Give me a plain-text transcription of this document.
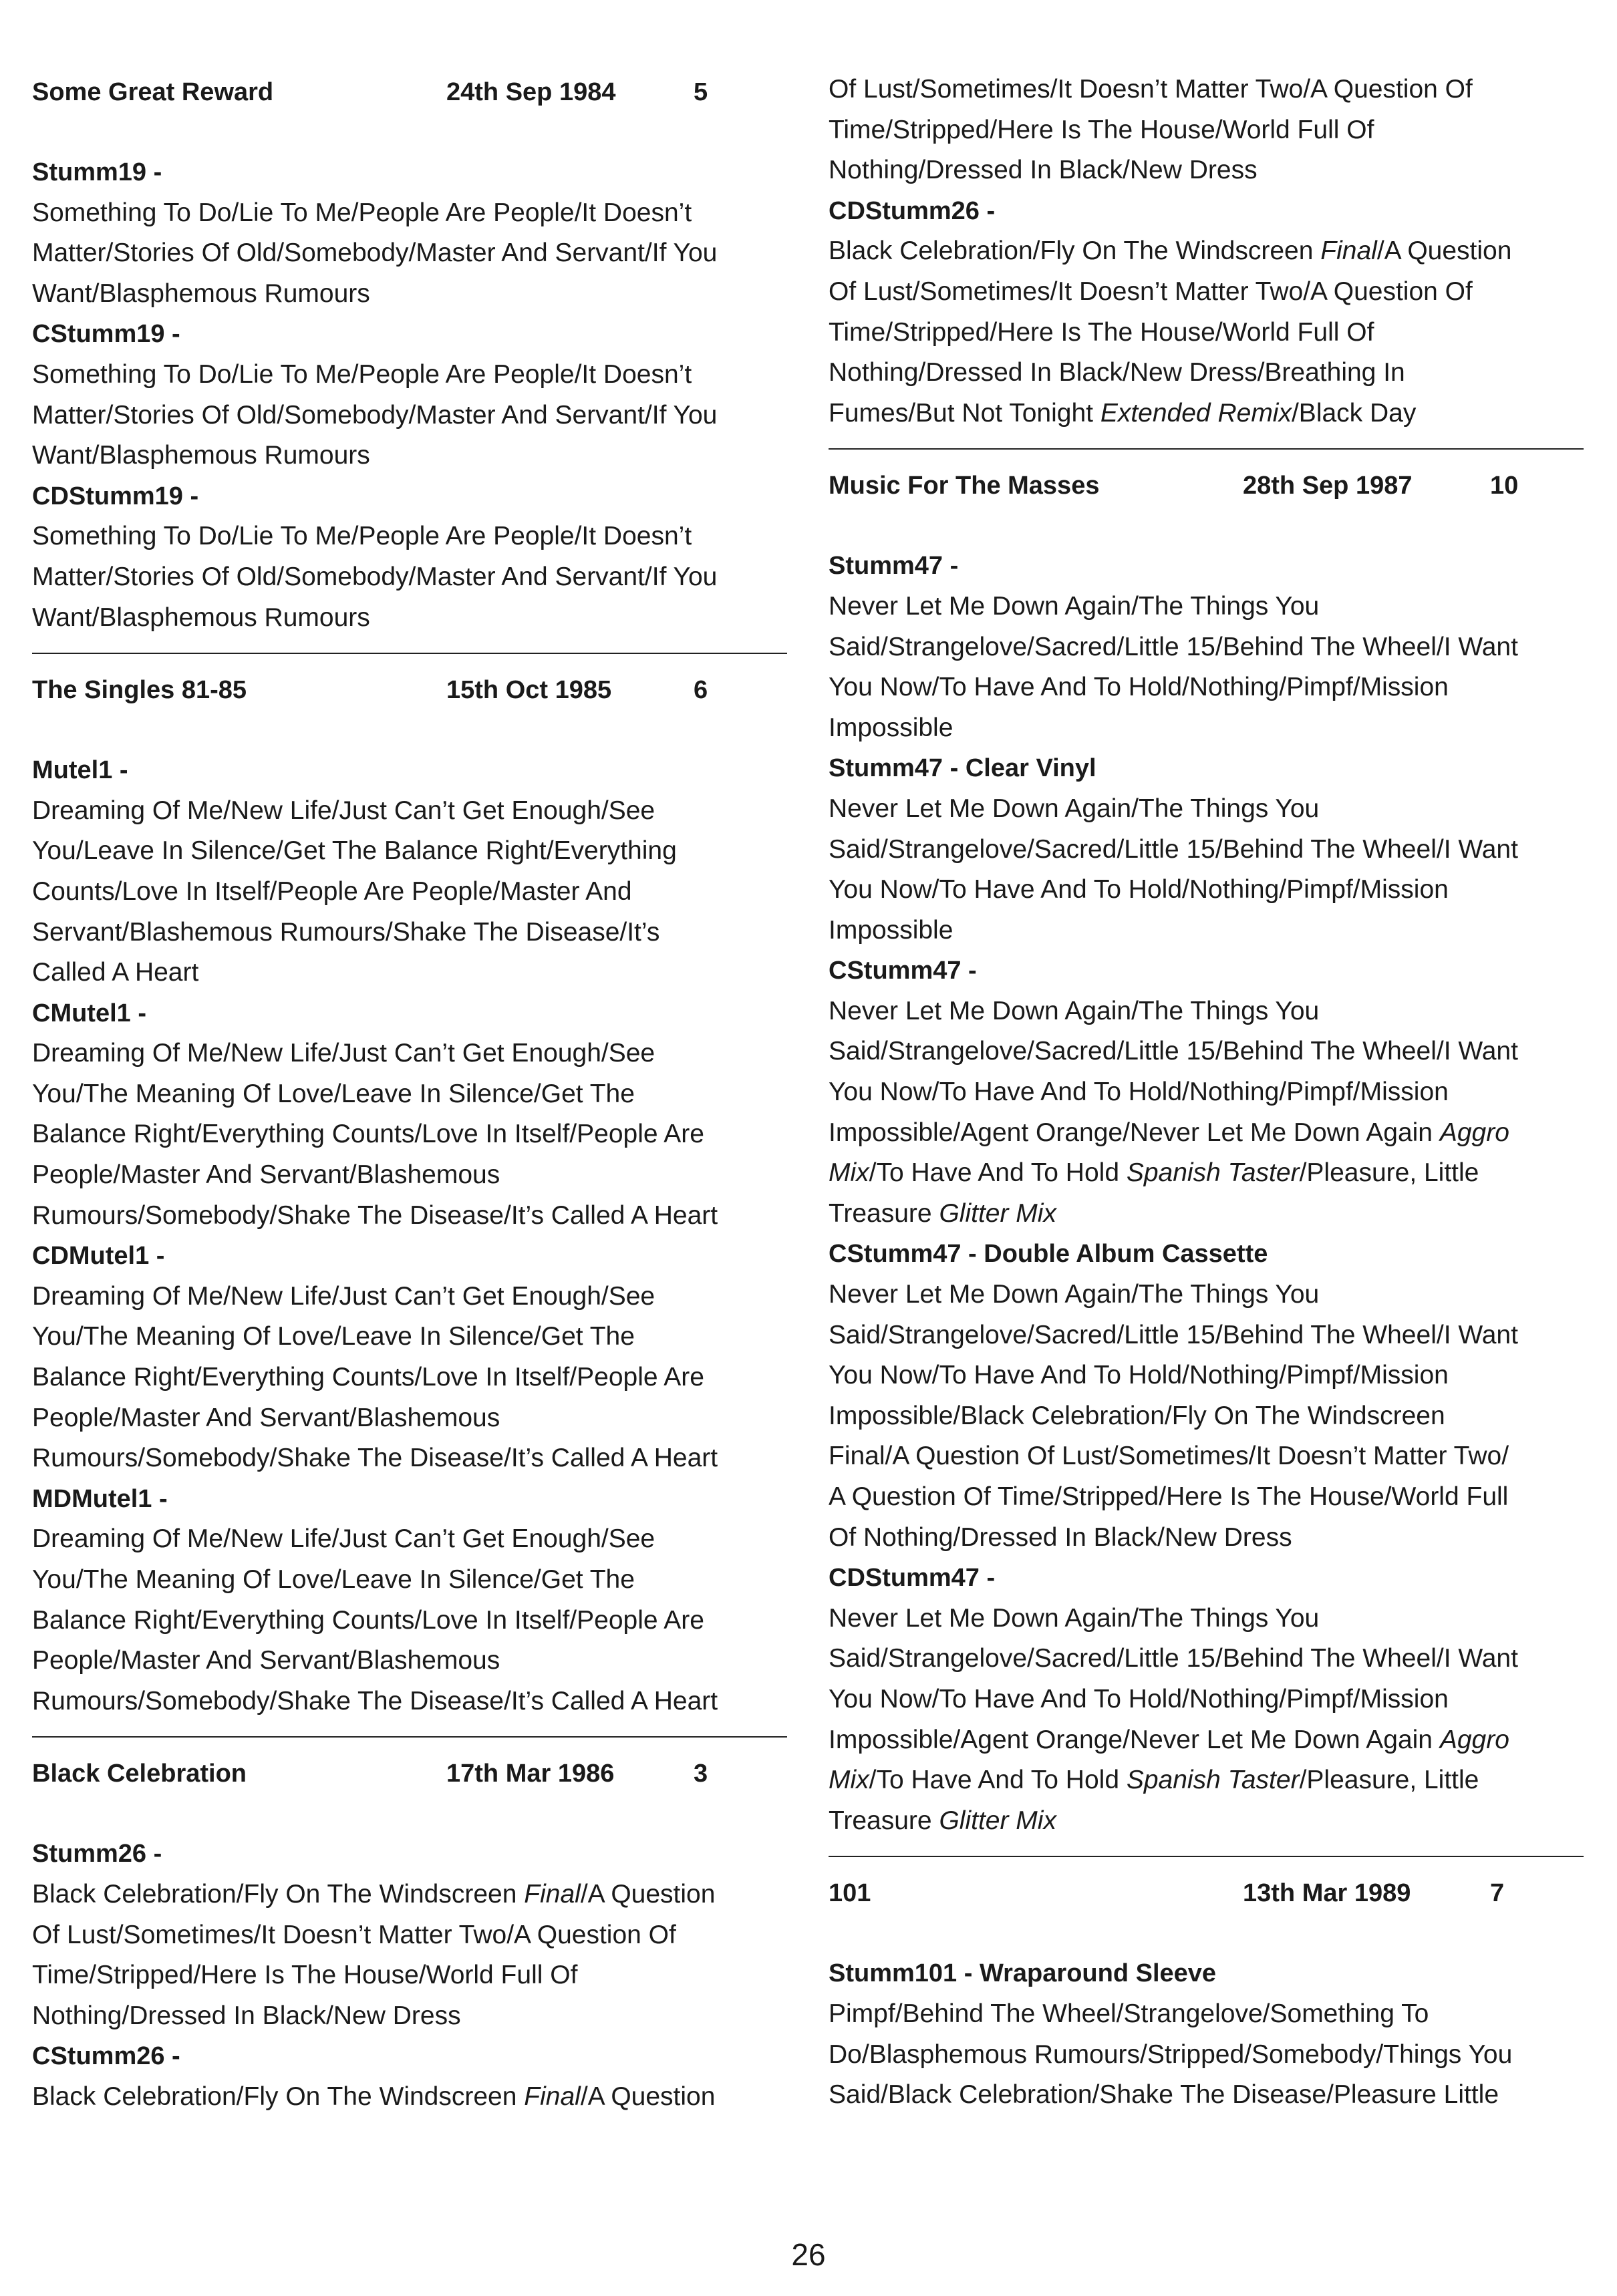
Some Great Reward	24th Sep 1984	5
Stumm19 -
Something To Do/Lie To Me/People Are People/It Doesn’t
Matter/Stories Of Old/Somebody/Master And Servant/If You
Want/Blasphemous Rumours
CStumm19 -
Something To Do/Lie To Me/People Are People/It Doesn’t
Matter/Stories Of Old/Somebody/Master And Servant/If You
Want/Blasphemous Rumours
CDStumm19 -
Something To Do/Lie To Me/People Are People/It Doesn’t
Matter/Stories Of Old/Somebody/Master And Servant/If You
Want/Blasphemous Rumours
The Singles 81-85	15th Oct 1985	6
Mutel1 -
Dreaming Of Me/New Life/Just Can’t Get Enough/See
You/Leave In Silence/Get The Balance Right/Everything
Counts/Love In Itself/People Are People/Master And
Servant/Blashemous Rumours/Shake The Disease/It’s
Called A Heart
CMutel1 -
Dreaming Of Me/New Life/Just Can’t Get Enough/See
You/The Meaning Of Love/Leave In Silence/Get The
Balance Right/Everything Counts/Love In Itself/People Are
People/Master And Servant/Blashemous
Rumours/Somebody/Shake The Disease/It’s Called A Heart
CDMutel1 -
Dreaming Of Me/New Life/Just Can’t Get Enough/See
You/The Meaning Of Love/Leave In Silence/Get The
Balance Right/Everything Counts/Love In Itself/People Are
People/Master And Servant/Blashemous
Rumours/Somebody/Shake The Disease/It’s Called A Heart
MDMutel1 -
Dreaming Of Me/New Life/Just Can’t Get Enough/See
You/The Meaning Of Love/Leave In Silence/Get The
Balance Right/Everything Counts/Love In Itself/People Are
People/Master And Servant/Blashemous
Rumours/Somebody/Shake The Disease/It’s Called A Heart
Black Celebration	17th Mar 1986	3
Stumm26 -
Black Celebration/Fly On The Windscreen Final/A Question
Of Lust/Sometimes/It Doesn’t Matter Two/A Question Of
Time/Stripped/Here Is The House/World Full Of
Nothing/Dressed In Black/New Dress
CStumm26 -
Black Celebration/Fly On The Windscreen Final/A Question
Of Lust/Sometimes/It Doesn’t Matter Two/A Question Of
Time/Stripped/Here Is The House/World Full Of
Nothing/Dressed In Black/New Dress
CDStumm26 -
Black Celebration/Fly On The Windscreen Final/A Question
Of Lust/Sometimes/It Doesn’t Matter Two/A Question Of
Time/Stripped/Here Is The House/World Full Of
Nothing/Dressed In Black/New Dress/Breathing In
Fumes/But Not Tonight Extended Remix/Black Day
Music For The Masses	28th Sep 1987	10
Stumm47 -
Never Let Me Down Again/The Things You
Said/Strangelove/Sacred/Little 15/Behind The Wheel/I Want
You Now/To Have And To Hold/Nothing/Pimpf/Mission
Impossible
Stumm47 - Clear Vinyl
Never Let Me Down Again/The Things You
Said/Strangelove/Sacred/Little 15/Behind The Wheel/I Want
You Now/To Have And To Hold/Nothing/Pimpf/Mission
Impossible
CStumm47 -
Never Let Me Down Again/The Things You
Said/Strangelove/Sacred/Little 15/Behind The Wheel/I Want
You Now/To Have And To Hold/Nothing/Pimpf/Mission
Impossible/Agent Orange/Never Let Me Down Again Aggro
Mix/To Have And To Hold Spanish Taster/Pleasure, Little
Treasure Glitter Mix
CStumm47 - Double Album Cassette
Never Let Me Down Again/The Things You
Said/Strangelove/Sacred/Little 15/Behind The Wheel/I Want
You Now/To Have And To Hold/Nothing/Pimpf/Mission
Impossible/Black Celebration/Fly On The Windscreen
Final/A Question Of Lust/Sometimes/It Doesn’t Matter Two/
A Question Of Time/Stripped/Here Is The House/World Full
Of Nothing/Dressed In Black/New Dress
CDStumm47 -
Never Let Me Down Again/The Things You
Said/Strangelove/Sacred/Little 15/Behind The Wheel/I Want
You Now/To Have And To Hold/Nothing/Pimpf/Mission
Impossible/Agent Orange/Never Let Me Down Again Aggro
Mix/To Have And To Hold Spanish Taster/Pleasure, Little
Treasure Glitter Mix
101	13th Mar 1989	7
Stumm101 - Wraparound Sleeve
Pimpf/Behind The Wheel/Strangelove/Something To
Do/Blasphemous Rumours/Stripped/Somebody/Things You
Said/Black Celebration/Shake The Disease/Pleasure Little
26
